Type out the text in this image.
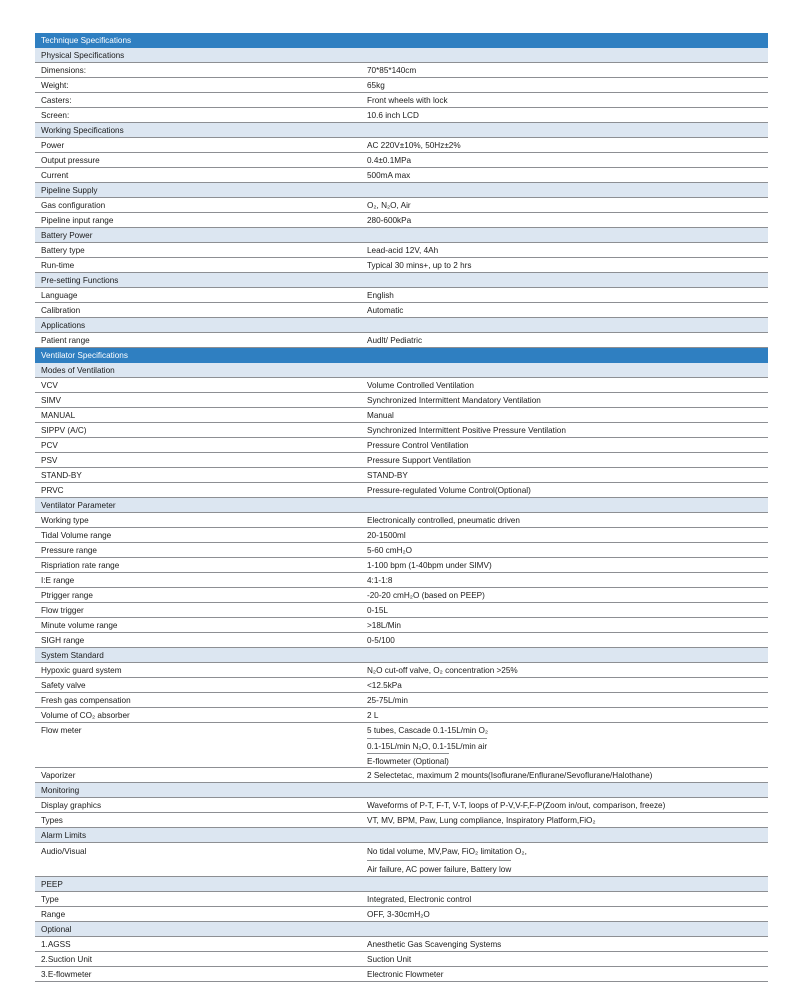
Technique Specifications
Physical Specifications
Dimensions:	70*85*140cm
Weight:	65kg
Casters:	Front wheels with lock
Screen:	10.6 inch LCD
Working Specifications
Power	AC 220V±10%, 50Hz±2%
Output pressure	0.4±0.1MPa
Current	500mA max
Pipeline Supply
Gas configuration	O₂, N₂O, Air
Pipeline input range	280-600kPa
Battery Power
Battery type	Lead-acid 12V, 4Ah
Run-time	Typical 30 mins+, up to 2 hrs
Pre-setting Functions
Language	English
Calibration	Automatic
Applications
Patient range	Audlt/ Pediatric
Ventilator Specifications
Modes of Ventilation
VCV	Volume Controlled Ventilation
SIMV	Synchronized Intermittent Mandatory Ventilation
MANUAL	Manual
SIPPV (A/C)	Synchronized Intermittent Positive Pressure Ventilation
PCV	Pressure Control Ventilation
PSV	Pressure Support Ventilation
STAND-BY	STAND-BY
PRVC	Pressure-regulated Volume Control(Optional)
Ventilator Parameter
Working type	Electronically controlled, pneumatic driven
Tidal Volume range	20-1500ml
Pressure range	5-60 cmH₂O
Rispriation rate range	1-100 bpm (1-40bpm under SIMV)
I:E range	4:1-1:8
Ptrigger range	-20-20 cmH₂O (based on PEEP)
Flow trigger	0-15L
Minute volume range	>18L/Min
SIGH range	0-5/100
System Standard
Hypoxic guard system	N₂O cut-off valve, O₂ concentration >25%
Safety valve	<12.5kPa
Fresh gas compensation	25-75L/min
Volume of CO₂ absorber	2 L
Flow meter	5 tubes, Cascade 0.1-15L/min O₂
0.1-15L/min N₂O, 0.1-15L/min air
E-flowmeter (Optional)
Vaporizer	2 Selectetac, maximum 2 mounts(Isoflurane/Enflurane/Sevoflurane/Halothane)
Monitoring
Display graphics	Waveforms of P-T, F-T, V-T, loops of P-V,V-F,F-P(Zoom in/out, comparison, freeze)
Types	VT, MV, BPM, Paw, Lung compliance, Inspiratory Platform,FiO₂
Alarm Limits
Audio/Visual	No tidal volume, MV,Paw, FiO₂ limitation O₂,
Air failure, AC power failure, Battery low
PEEP
Type	Integrated, Electronic control
Range	OFF, 3-30cmH₂O
Optional
1.AGSS	Anesthetic Gas Scavenging Systems
2.Suction Unit	Suction Unit
3.E-flowmeter	Electronic Flowmeter
